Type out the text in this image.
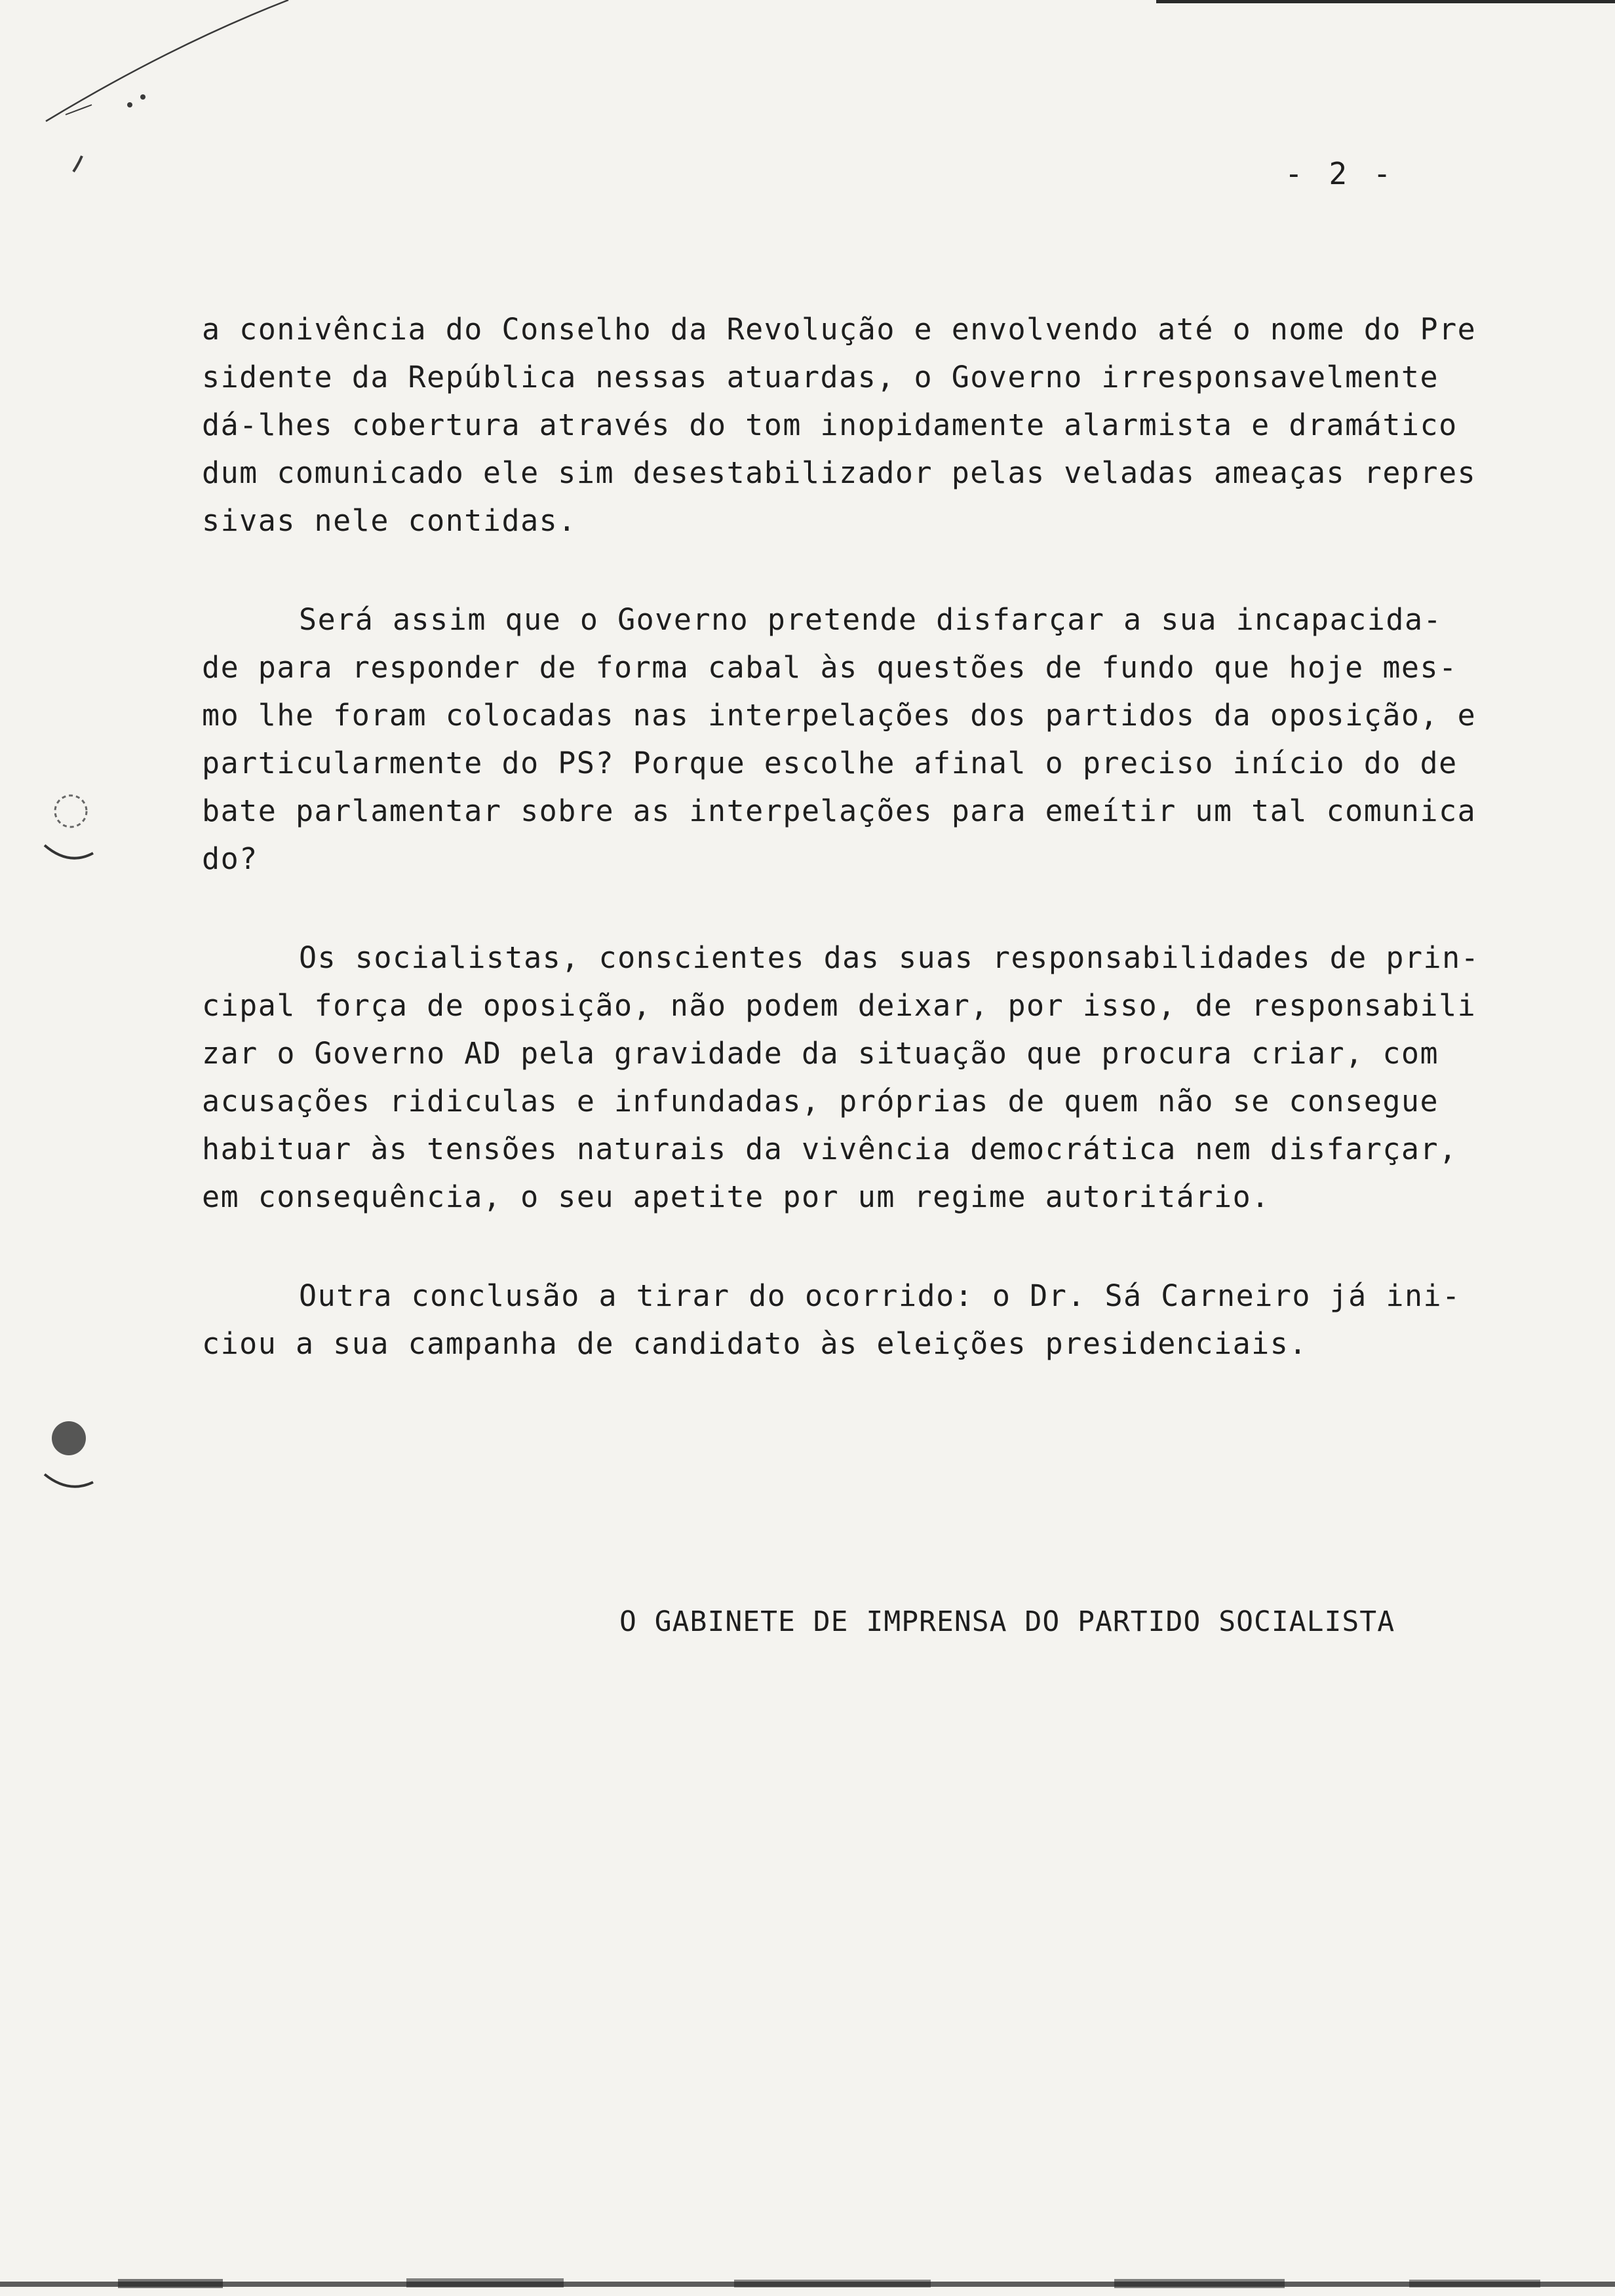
- 2 -
a conivência do Conselho da Revolução e envolvendo até o nome do Pre
sidente da República nessas atuardas, o Governo irresponsavelmente
dá-lhes cobertura através do tom inopidamente alarmista e dramático
dum comunicado ele sim desestabilizador pelas veladas ameaças repres
sivas nele contidas.
Será assim que o Governo pretende disfarçar a sua incapacida-
de para responder de forma cabal às questões de fundo que hoje mes-
mo lhe foram colocadas nas interpelações dos partidos da oposição, e
particularmente do PS? Porque escolhe afinal o preciso início do de
bate parlamentar sobre as interpelações para emeítir um tal comunica
do?
Os socialistas, conscientes das suas responsabilidades de prin-
cipal força de oposição, não podem deixar, por isso, de responsabili
zar o Governo AD pela gravidade da situação que procura criar, com
acusações ridiculas e infundadas, próprias de quem não se consegue
habituar às tensões naturais da vivência democrática nem disfarçar,
em consequência, o seu apetite por um regime autoritário.
Outra conclusão a tirar do ocorrido: o Dr. Sá Carneiro já ini-
ciou a sua campanha de candidato às eleições presidenciais.
O GABINETE DE IMPRENSA DO PARTIDO SOCIALISTA
